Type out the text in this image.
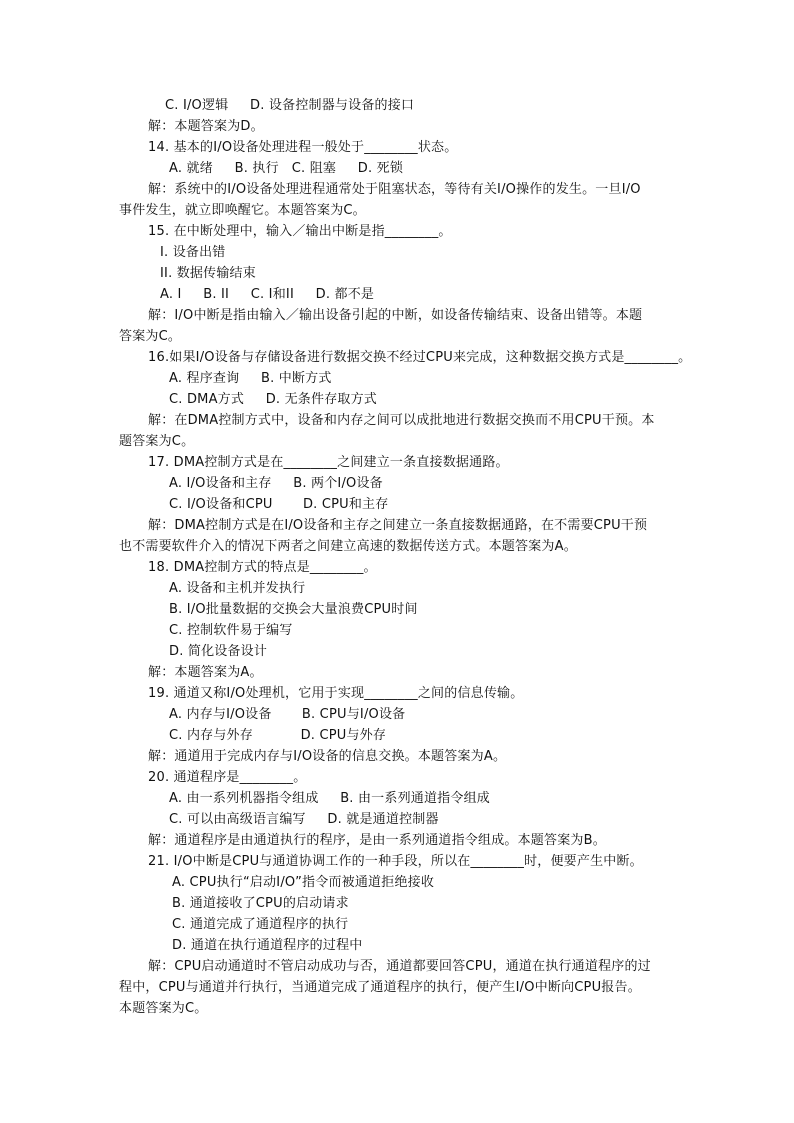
C. I/O逻辑     D. 设备控制器与设备的接口
解：本题答案为D。
14. 基本的I/O设备处理进程一般处于________状态。
A. 就绪     B. 执行   C. 阻塞     D. 死锁
解：系统中的I/O设备处理进程通常处于阻塞状态，等待有关I/O操作的发生。一旦I/O
事件发生，就立即唤醒它。本题答案为C。
15. 在中断处理中，输入／输出中断是指________。
I. 设备出错
II. 数据传输结束
A. I     B. II     C. I和II     D. 都不是
解：I/O中断是指由输入／输出设备引起的中断，如设备传输结束、设备出错等。本题
答案为C。
16.如果I/O设备与存储设备进行数据交换不经过CPU来完成，这种数据交换方式是________。
A. 程序查询     B. 中断方式
C. DMA方式     D. 无条件存取方式
解：在DMA控制方式中，设备和内存之间可以成批地进行数据交换而不用CPU干预。本
题答案为C。
17. DMA控制方式是在________之间建立一条直接数据通路。
A. I/O设备和主存     B. 两个I/O设备
C. I/O设备和CPU       D. CPU和主存
解：DMA控制方式是在I/O设备和主存之间建立一条直接数据通路，在不需要CPU干预
也不需要软件介入的情况下两者之间建立高速的数据传送方式。本题答案为A。
18. DMA控制方式的特点是________。
A. 设备和主机并发执行
B. I/O批量数据的交换会大量浪费CPU时间
C. 控制软件易于编写
D. 简化设备设计
解：本题答案为A。
19. 通道又称I/O处理机，它用于实现________之间的信息传输。
A. 内存与I/O设备       B. CPU与I/O设备
C. 内存与外存           D. CPU与外存
解：通道用于完成内存与I/O设备的信息交换。本题答案为A。
20. 通道程序是________。
A. 由一系列机器指令组成     B. 由一系列通道指令组成
C. 可以由高级语言编写     D. 就是通道控制器
解：通道程序是由通道执行的程序，是由一系列通道指令组成。本题答案为B。
21. I/O中断是CPU与通道协调工作的一种手段，所以在________时，便要产生中断。
A. CPU执行“启动I/O”指令而被通道拒绝接收
B. 通道接收了CPU的启动请求
C. 通道完成了通道程序的执行
D. 通道在执行通道程序的过程中
解：CPU启动通道时不管启动成功与否，通道都要回答CPU，通道在执行通道程序的过
程中，CPU与通道并行执行，当通道完成了通道程序的执行，便产生I/O中断向CPU报告。
本题答案为C。
